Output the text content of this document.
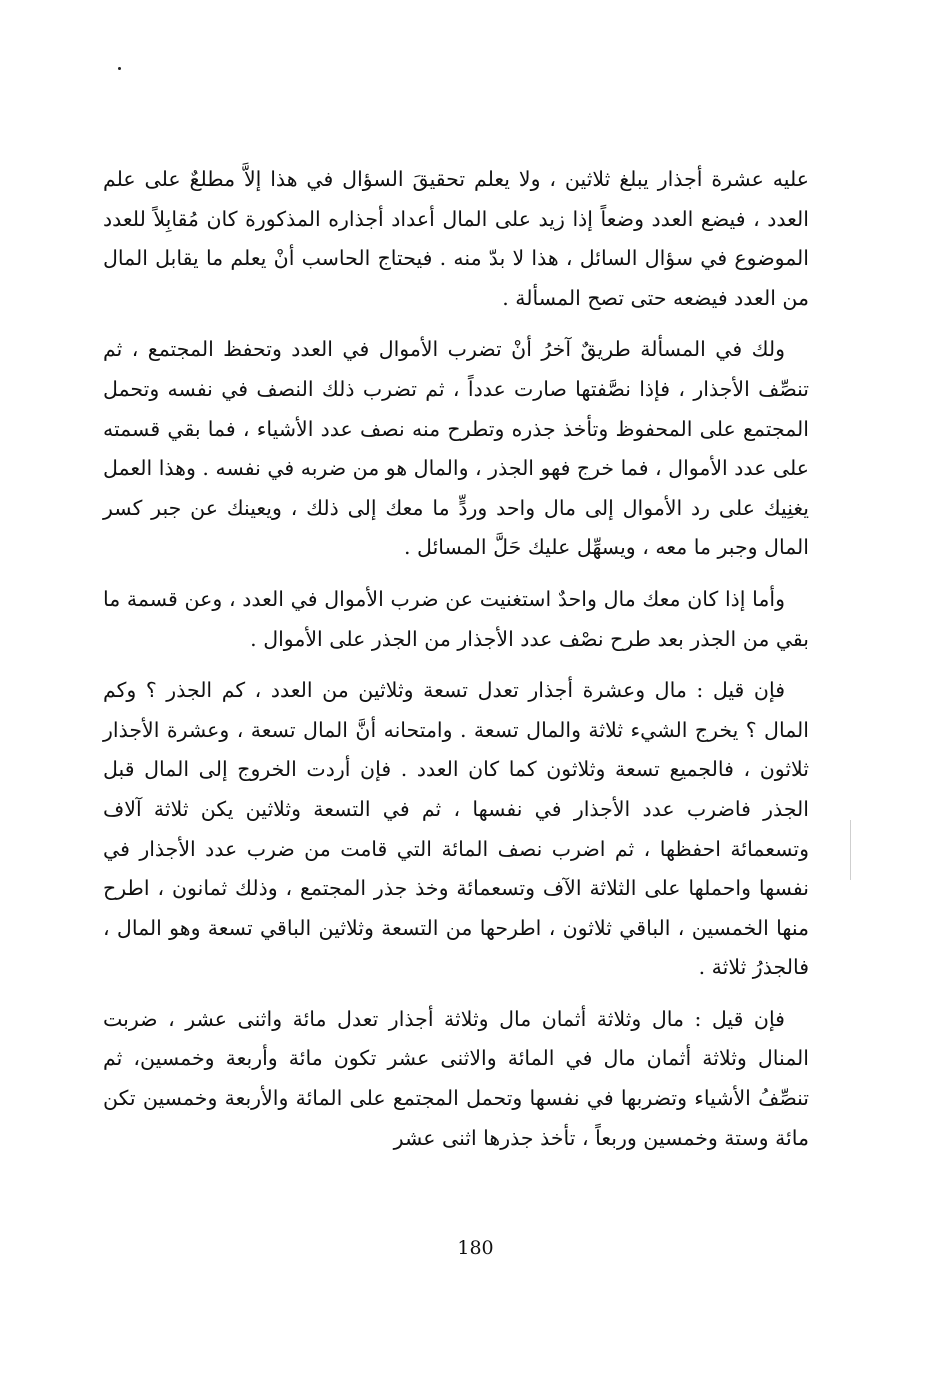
عليه عشرة أجذار يبلغ ثلاثين ، ولا يعلم تحقيقَ السؤال في هذا إلاَّ مطلعٌ على علم العدد ، فيضع العدد وضعاً إذا زيد على المال أعداد أجذاره المذكورة كان مُقابِلاً للعدد الموضوع في سؤال السائل ، هذا لا بدّ منه . فيحتاج الحاسب أنْ يعلم ما يقابل المال من العدد فيضعه حتى تصح المسألة .

ولك في المسألة طريقٌ آخرُ أنْ تضرب الأموال في العدد وتحفظ المجتمع ، ثم تنصِّف الأجذار ، فإذا نصَّفتها صارت عدداً ، ثم تضرب ذلك النصف في نفسه وتحمل المجتمع على المحفوظ وتأخذ جذره وتطرح منه نصف عدد الأشياء ، فما بقي قسمته على عدد الأموال ، فما خرج فهو الجذر ، والمال هو من ضربه في نفسه . وهذا العمل يغنِيك على رد الأموال إلى مال واحد وردٍّ ما معك إلى ذلك ، ويعينك عن جبر كسر المال وجبر ما معه ، ويسهِّل عليك حَلَّ المسائل .

وأما إذا كان معك مال واحدٌ استغنيت عن ضرب الأموال في العدد ، وعن قسمة ما بقي من الجذر بعد طرح نصْف عدد الأجذار من الجذر على الأموال .

فإن قيل : مال وعشرة أجذار تعدل تسعة وثلاثين من العدد ، كم الجذر ؟ وكم المال ؟ يخرج الشيء ثلاثة والمال تسعة . وامتحانه أنَّ المال تسعة ، وعشرة الأجذار ثلاثون ، فالجميع تسعة وثلاثون كما كان العدد . فإن أردت الخروج إلى المال قبل الجذر فاضرب عدد الأجذار في نفسها ، ثم في التسعة وثلاثين يكن ثلاثة آلاف وتسعمائة احفظها ، ثم اضرب نصف المائة التي قامت من ضرب عدد الأجذار في نفسها واحملها على الثلاثة الآف وتسعمائة وخذ جذر المجتمع ، وذلك ثمانون ، اطرح منها الخمسين ، الباقي ثلاثون ، اطرحها من التسعة وثلاثين الباقي تسعة وهو المال ، فالجذرُ ثلاثة .

فإن قيل : مال وثلاثة أثمان مال وثلاثة أجذار تعدل مائة واثنى عشر ، ضربت المنال وثلاثة أثمان مال في المائة والاثنى عشر تكون مائة وأربعة وخمسين، ثم تنصِّفُ الأشياء وتضربها في نفسها وتحمل المجتمع على المائة والأربعة وخمسين تكن مائة وستة وخمسين وربعاً ، تأخذ جذرها اثنى عشر

180
